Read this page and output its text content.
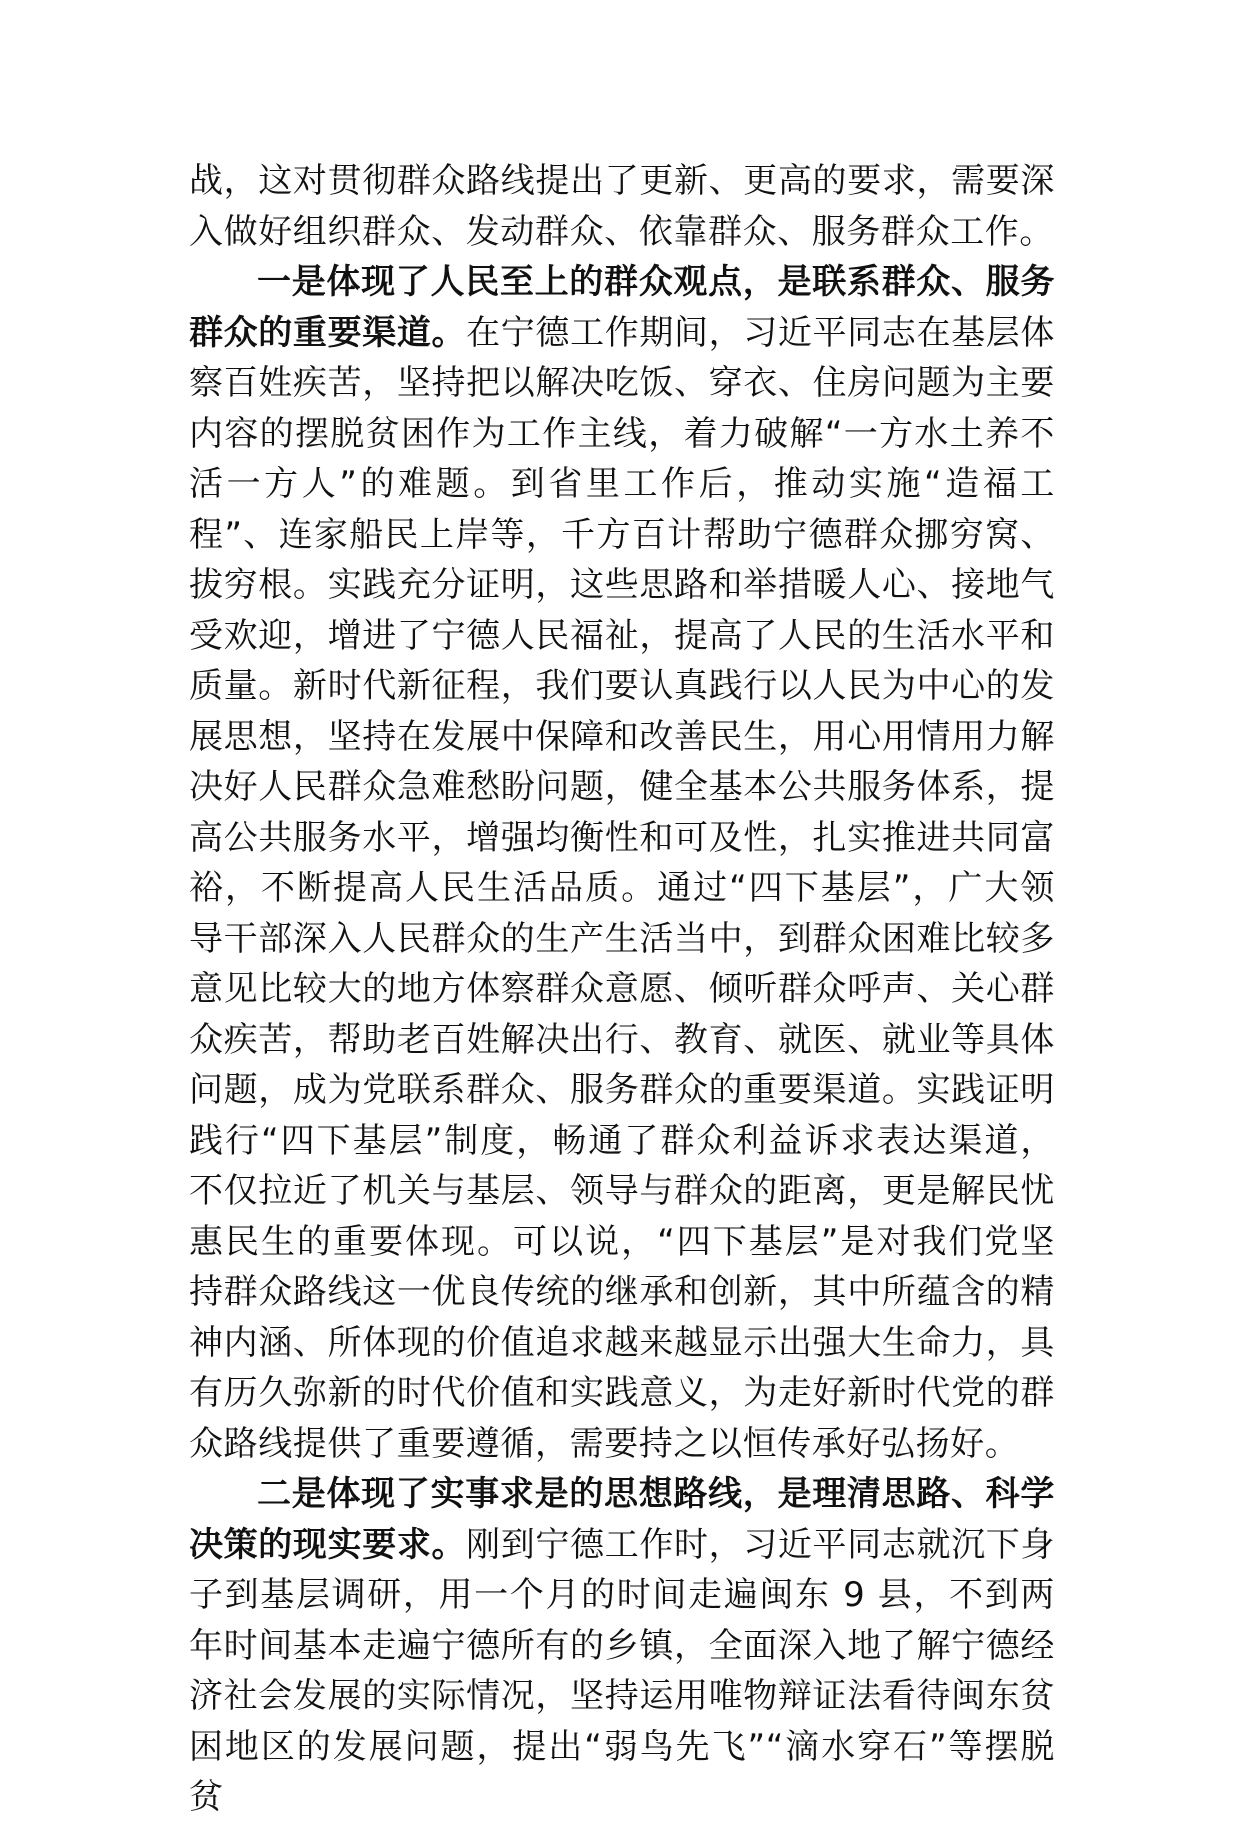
战，这对贯彻群众路线提出了更新、更高的要求，需要深入做好组织群众、发动群众、依靠群众、服务群众工作。

一是体现了人民至上的群众观点，是联系群众、服务群众的重要渠道。在宁德工作期间，习近平同志在基层体察百姓疾苦，坚持把以解决吃饭、穿衣、住房问题为主要内容的摆脱贫困作为工作主线，着力破解“一方水土养不活一方人”的难题。到省里工作后，推动实施“造福工程”、连家船民上岸等，千方百计帮助宁德群众挪穷窝、拔穷根。实践充分证明，这些思路和举措暖人心、接地气受欢迎，增进了宁德人民福祉，提高了人民的生活水平和质量。新时代新征程，我们要认真践行以人民为中心的发展思想，坚持在发展中保障和改善民生，用心用情用力解决好人民群众急难愁盼问题，健全基本公共服务体系，提高公共服务水平，增强均衡性和可及性，扎实推进共同富裕，不断提高人民生活品质。通过“四下基层”，广大领导干部深入人民群众的生产生活当中，到群众困难比较多意见比较大的地方体察群众意愿、倾听群众呼声、关心群众疾苦，帮助老百姓解决出行、教育、就医、就业等具体问题，成为党联系群众、服务群众的重要渠道。实践证明践行“四下基层”制度，畅通了群众利益诉求表达渠道，不仅拉近了机关与基层、领导与群众的距离，更是解民忧惠民生的重要体现。可以说，“四下基层”是对我们党坚持群众路线这一优良传统的继承和创新，其中所蕴含的精神内涵、所体现的价值追求越来越显示出强大生命力，具有历久弥新的时代价值和实践意义，为走好新时代党的群众路线提供了重要遵循，需要持之以恒传承好弘扬好。

二是体现了实事求是的思想路线，是理清思路、科学决策的现实要求。刚到宁德工作时，习近平同志就沉下身子到基层调研，用一个月的时间走遍闽东 9 县，不到两年时间基本走遍宁德所有的乡镇，全面深入地了解宁德经济社会发展的实际情况，坚持运用唯物辩证法看待闽东贫困地区的发展问题，提出“弱鸟先飞”“滴水穿石”等摆脱贫
